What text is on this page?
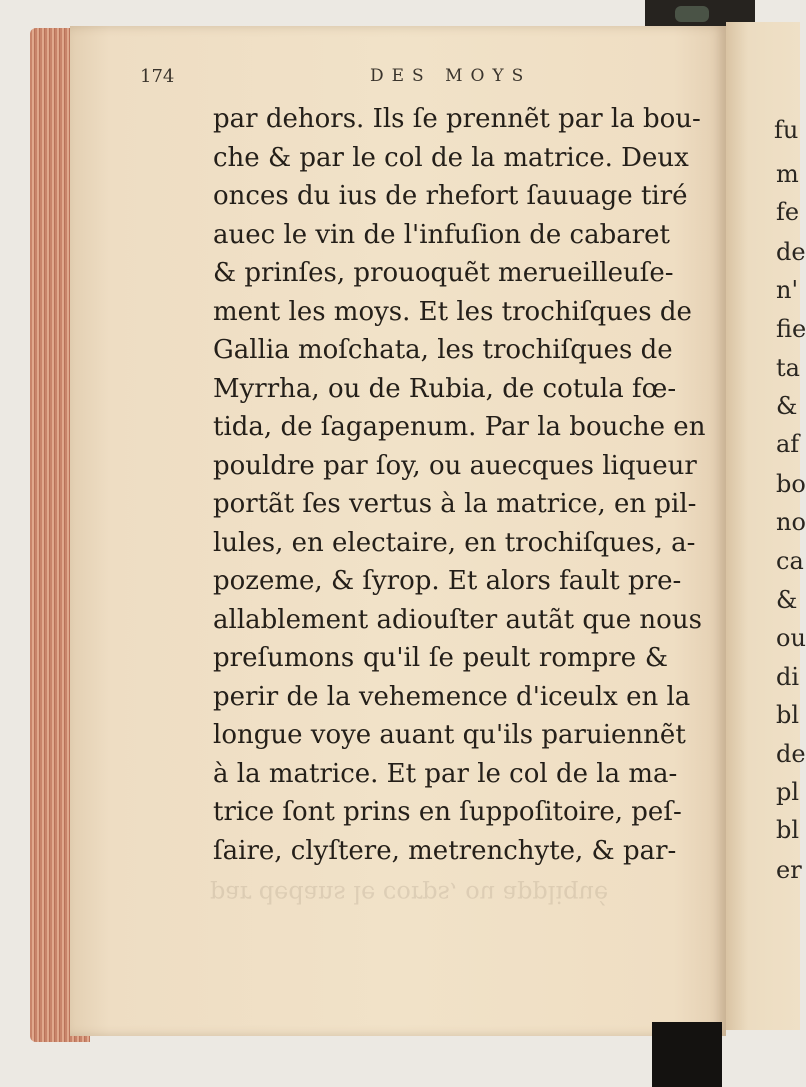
fu
m
fe
de
n'
fie
ta
&
af
bo
no
ca
&
ou
di
bl
de
pl
bl
er
174	DES MOYS
par dehors. Ils ſe prennẽt par la bou-
che & par le col de la matrice. Deux
onces du ius de rhefort ſauuage tiré
auec le vin de l'infuſion de cabaret
& prinſes, prouoquẽt merueilleuſe-
ment les moys. Et les trochiſques de
Gallia moſchata, les trochiſques de
Myrrha, ou de Rubia, de cotula fœ-
tida, de ſagapenum. Par la bouche en
pouldre par ſoy, ou auecques liqueur
portãt ſes vertus à la matrice, en pil-
lules, en electaire, en trochiſques, a-
pozeme, & ſyrop. Et alors fault pre-
allablement adiouſter autãt que nous
preſumons qu'il ſe peult rompre &
perir de la vehemence d'iceulx en la
longue voye auant qu'ils paruiennẽt
à la matrice. Et par le col de la ma-
trice ſont prins en ſuppoſitoire, peſ-
ſaire, clyſtere, metrenchyte, & par-
par dedans le corps, ou appliqué
